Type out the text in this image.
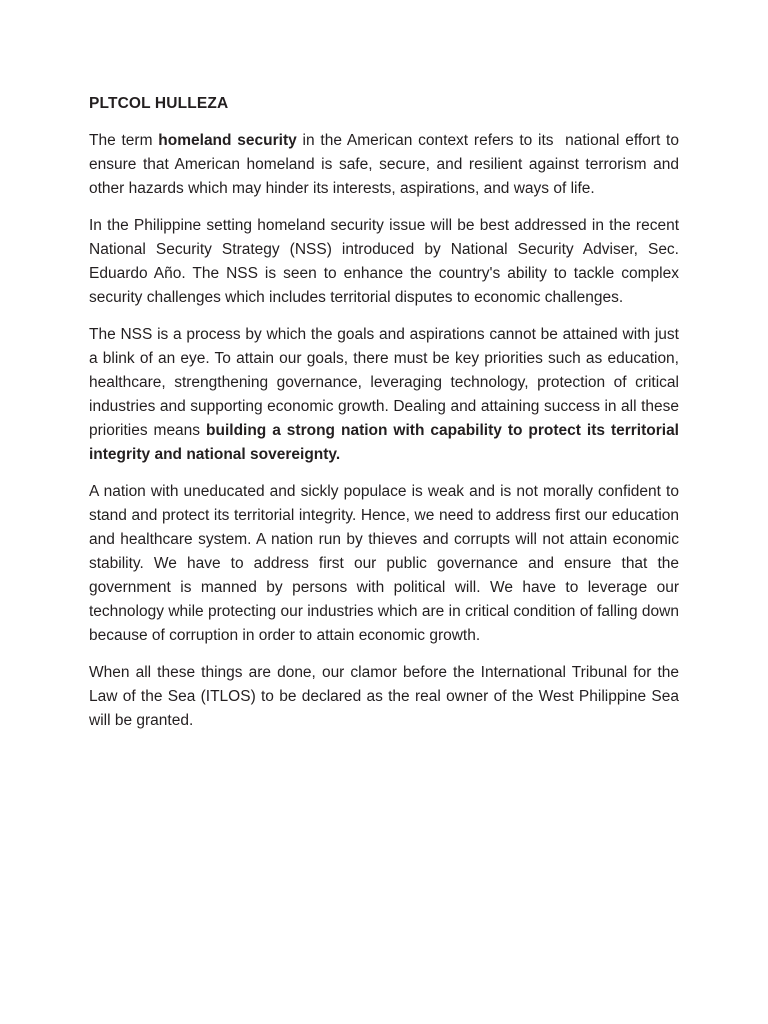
PLTCOL HULLEZA

The term homeland security in the American context refers to its  national effort to ensure that American homeland is safe, secure, and resilient against terrorism and other hazards which may hinder its interests, aspirations, and ways of life.

In the Philippine setting homeland security issue will be best addressed in the recent National Security Strategy (NSS) introduced by National Security Adviser, Sec.  Eduardo Año. The NSS is seen to enhance the country's ability to tackle complex security challenges which includes territorial disputes to economic challenges.

The NSS is a process by which the goals and aspirations cannot be attained with just a blink of an eye. To attain our goals, there must be key priorities such as education, healthcare, strengthening governance, leveraging technology, protection of critical industries and supporting economic growth. Dealing and attaining success in all these priorities means building a strong nation with capability to protect its territorial integrity and national sovereignty.

A nation with uneducated and sickly populace is weak and is not morally confident to stand and protect its territorial integrity. Hence, we need to address first our education and healthcare system. A nation run by thieves and corrupts will not attain economic stability. We have to address first our public governance and ensure that the government is manned by persons with political will. We have to leverage our technology while protecting our industries which are in critical condition of falling down because of corruption in order to attain economic growth.

When all these things are done, our clamor before the International Tribunal for the Law of the Sea (ITLOS) to be declared as the real owner of the West Philippine Sea will be granted.
